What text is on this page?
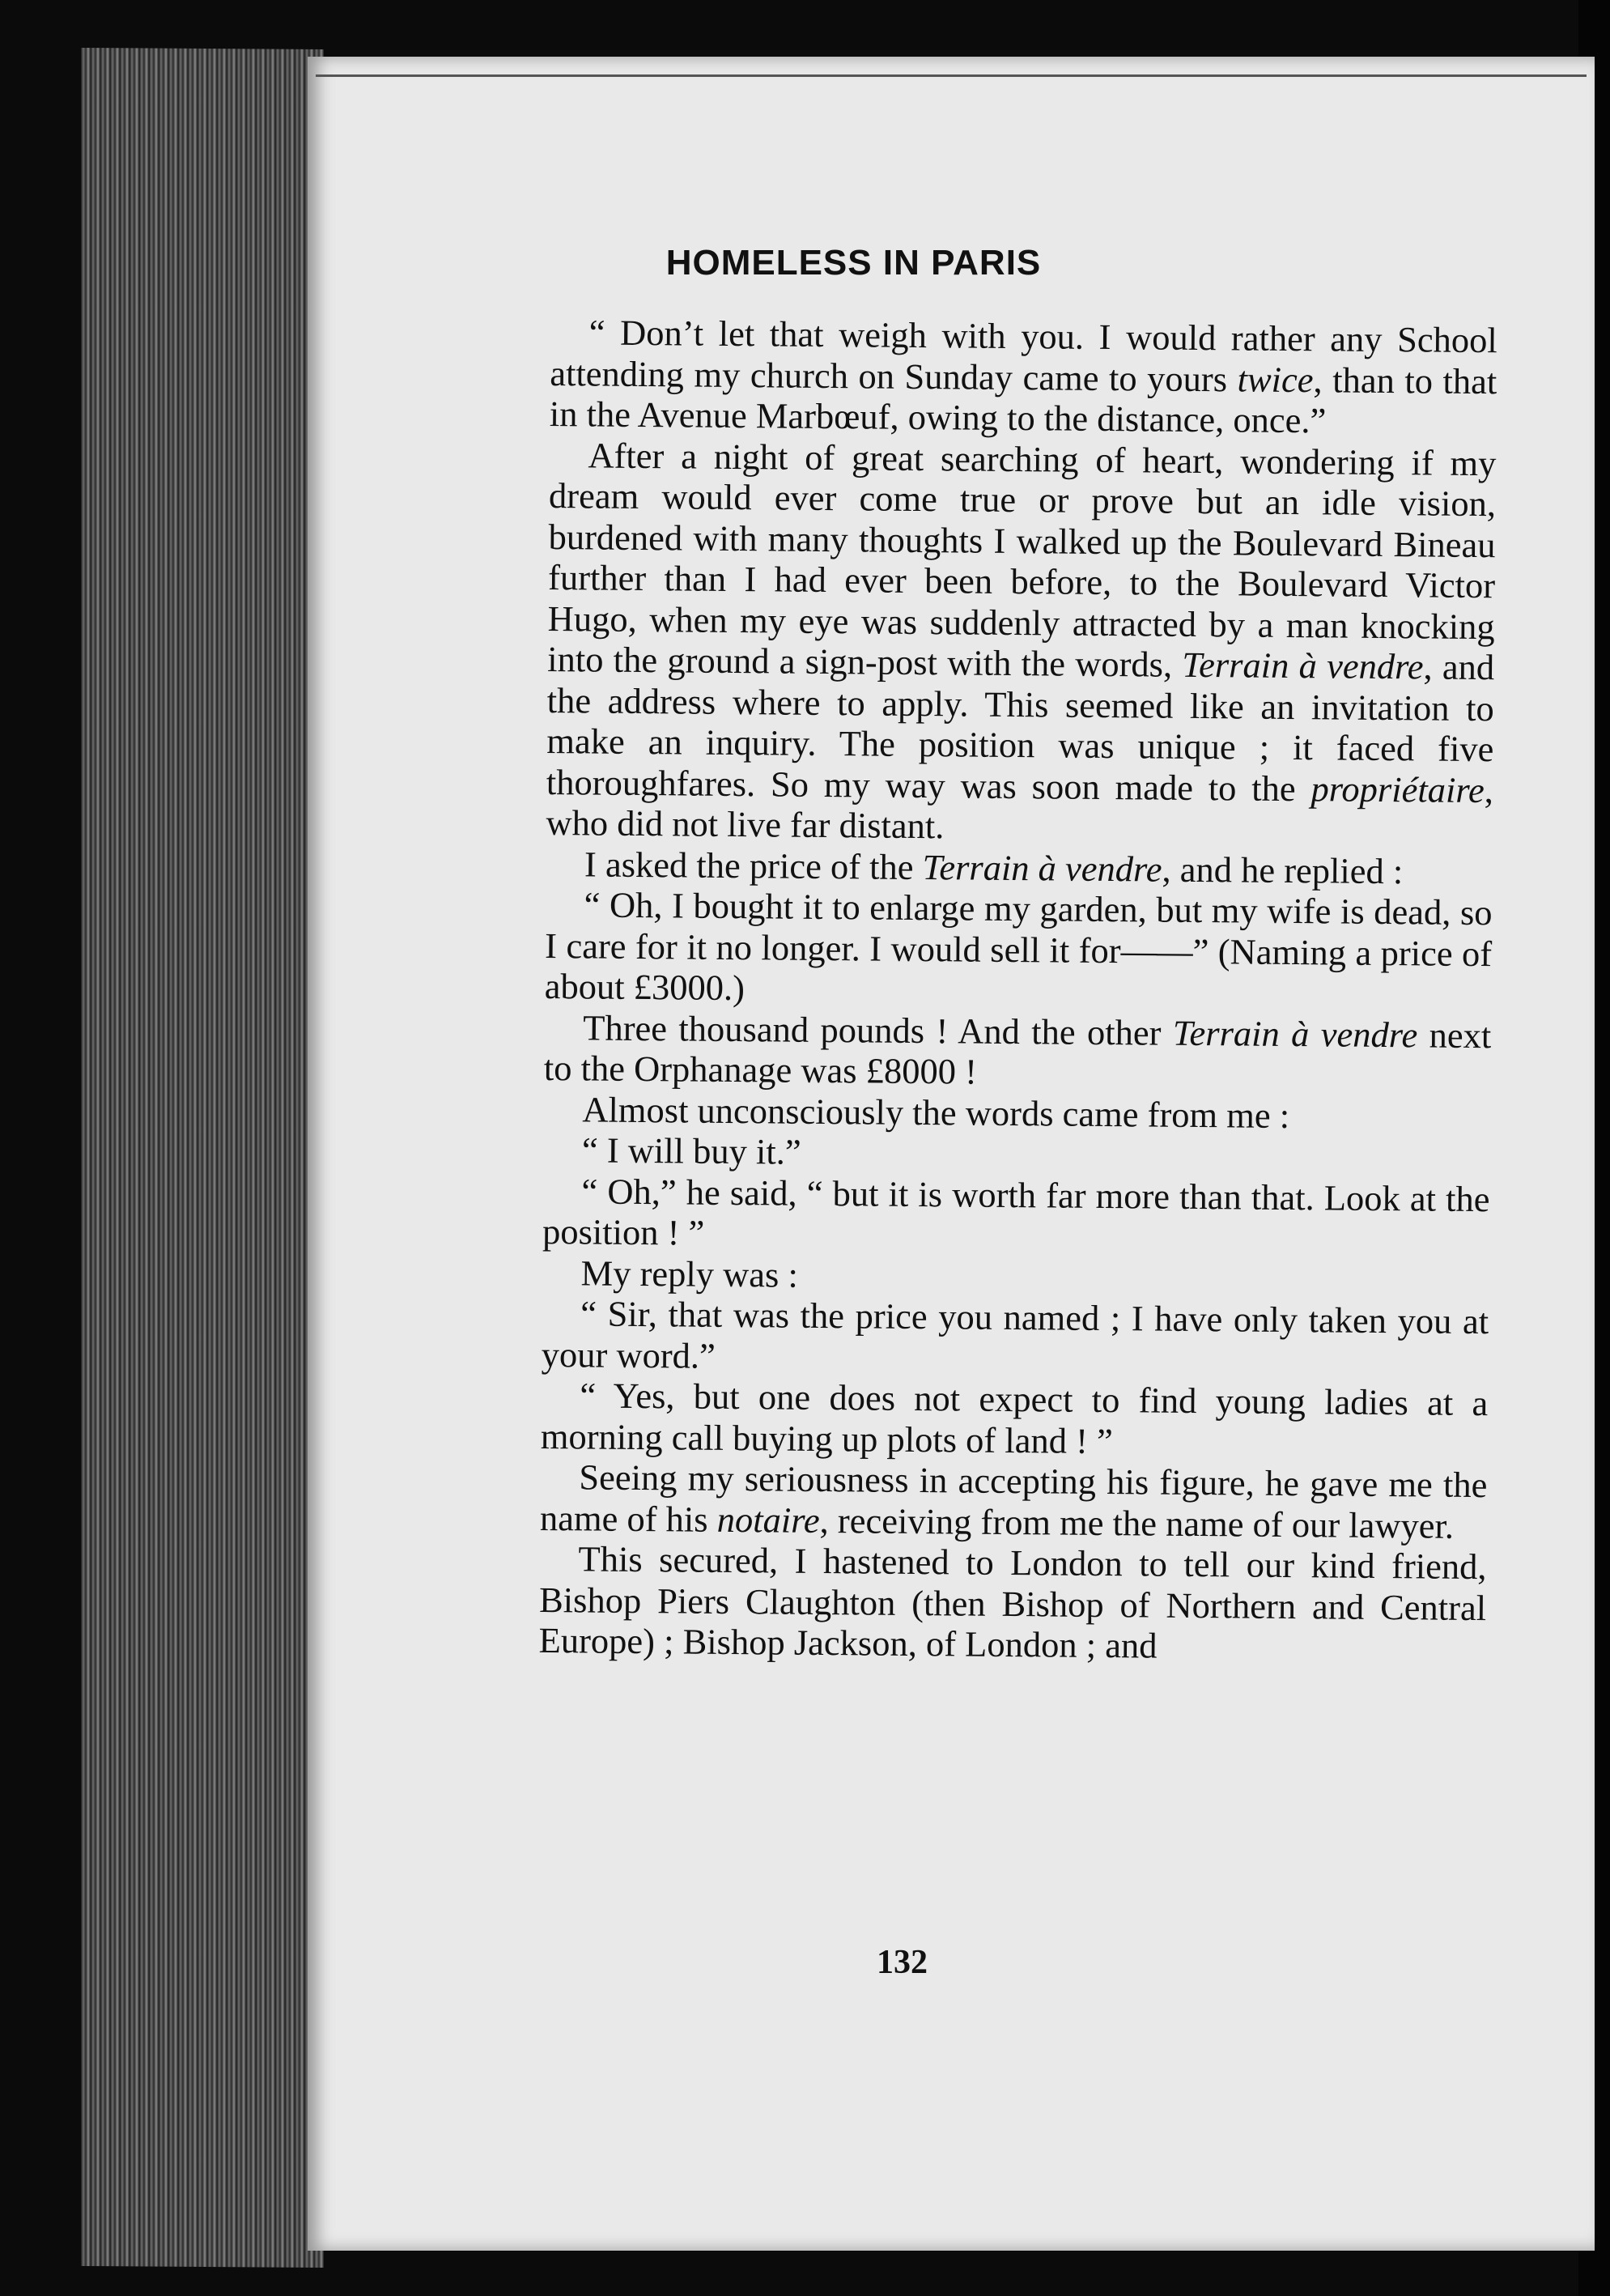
HOMELESS IN PARIS

“ Don’t let that weigh with you. I would rather any School attending my church on Sunday came to yours twice, than to that in the Avenue Marbœuf, owing to the distance, once.”

After a night of great searching of heart, wondering if my dream would ever come true or prove but an idle vision, burdened with many thoughts I walked up the Boulevard Bineau further than I had ever been before, to the Boulevard Victor Hugo, when my eye was suddenly attracted by a man knocking into the ground a sign-post with the words, Terrain à vendre, and the address where to apply. This seemed like an invitation to make an inquiry. The position was unique ; it faced five thoroughfares. So my way was soon made to the propriétaire, who did not live far distant.

I asked the price of the Terrain à vendre, and he replied :

“ Oh, I bought it to enlarge my garden, but my wife is dead, so I care for it no longer. I would sell it for——” (Naming a price of about £3000.)

Three thousand pounds ! And the other Terrain à vendre next to the Orphanage was £8000 !

Almost unconsciously the words came from me :

“ I will buy it.”

“ Oh,” he said, “ but it is worth far more than that. Look at the position ! ”

My reply was :

“ Sir, that was the price you named ; I have only taken you at your word.”

“ Yes, but one does not expect to find young ladies at a morning call buying up plots of land ! ”

Seeing my seriousness in accepting his figure, he gave me the name of his notaire, receiving from me the name of our lawyer.

This secured, I hastened to London to tell our kind friend, Bishop Piers Claughton (then Bishop of Northern and Central Europe) ; Bishop Jackson, of London ; and

132
